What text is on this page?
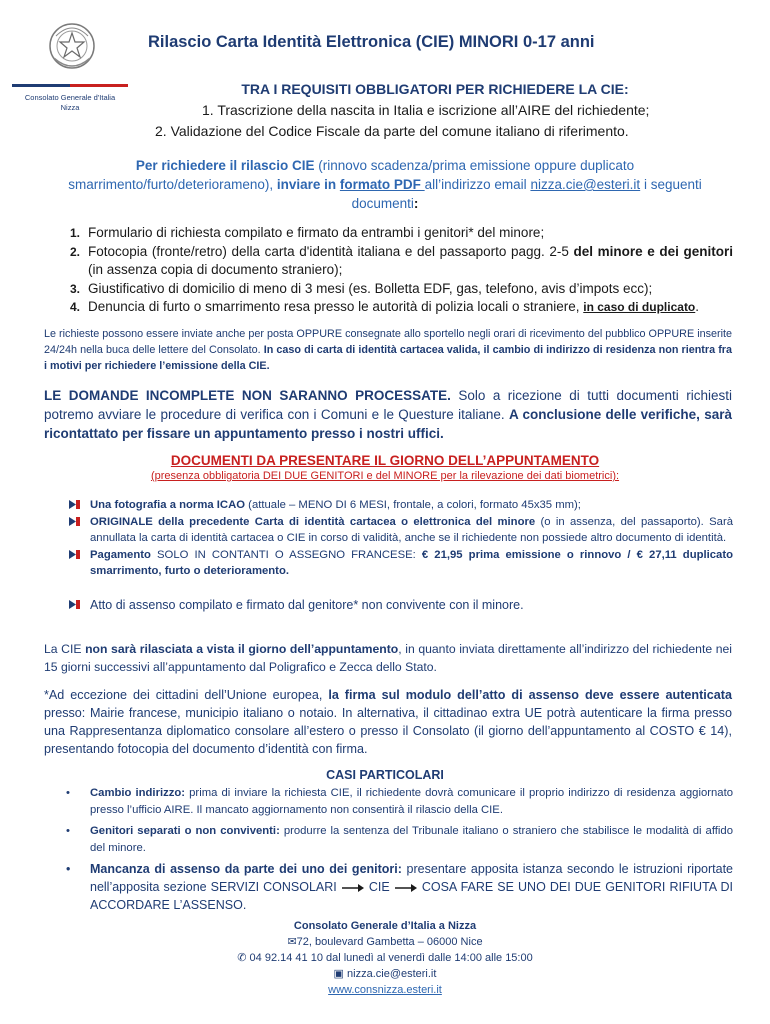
Consolato Generale d'Italia
Nizza
Rilascio Carta Identità Elettronica (CIE) MINORI 0-17 anni
TRA I REQUISITI OBBLIGATORI PER RICHIEDERE LA CIE:
1. Trascrizione della nascita in Italia e iscrizione all’AIRE del richiedente;
2. Validazione del Codice Fiscale da parte del comune italiano di riferimento.
Per richiedere il rilascio CIE (rinnovo scadenza/prima emissione oppure duplicato smarrimento/furto/deteriorameno), inviare in formato PDF all’indirizzo email nizza.cie@esteri.it i seguenti documenti:
1. Formulario di richiesta compilato e firmato da entrambi i genitori* del minore;
2. Fotocopia (fronte/retro) della carta d'identità italiana e del passaporto pagg. 2-5 del minore e dei genitori (in assenza copia di documento straniero);
3. Giustificativo di domicilio di meno di 3 mesi (es. Bolletta EDF, gas, telefono, avis d’impots ecc);
4. Denuncia di furto o smarrimento resa presso le autorità di polizia locali o straniere, in caso di duplicato.
Le richieste possono essere inviate anche per posta OPPURE consegnate allo sportello negli orari di ricevimento del pubblico OPPURE inserite 24/24h nella buca delle lettere del Consolato. In caso di carta di identità cartacea valida, il cambio di indirizzo di residenza non rientra fra i motivi per richiedere l’emissione della CIE.
LE DOMANDE INCOMPLETE NON SARANNO PROCESSATE. Solo a ricezione di tutti documenti richiesti potremo avviare le procedure di verifica con i Comuni e le Questure italiane. A conclusione delle verifiche, sarà ricontattato per fissare un appuntamento presso i nostri uffici.
DOCUMENTI DA PRESENTARE IL GIORNO DELL’APPUNTAMENTO
(presenza obbligatoria DEI DUE GENITORI e del MINORE per la rilevazione dei dati biometrici):
Una fotografia a norma ICAO (attuale – MENO DI 6 MESI, frontale, a colori, formato 45x35 mm);
ORIGINALE della precedente Carta di identità cartacea o elettronica del minore (o in assenza, del passaporto). Sarà annullata la carta di identità cartacea o CIE in corso di validità, anche se il richiedente non possiede altro documento di identità.
Pagamento SOLO IN CONTANTI O ASSEGNO FRANCESE: € 21,95 prima emissione o rinnovo / € 27,11 duplicato smarrimento, furto o deterioramento.
Atto di assenso compilato e firmato dal genitore* non convivente con il minore.
La CIE non sarà rilasciata a vista il giorno dell’appuntamento, in quanto inviata direttamente all’indirizzo del richiedente nei 15 giorni successivi all’appuntamento dal Poligrafico e Zecca dello Stato.
*Ad eccezione dei cittadini dell’Unione europea, la firma sul modulo dell’atto di assenso deve essere autenticata presso: Mairie francese, municipio italiano o notaio. In alternativa, il cittadinao extra UE potrà autenticare la firma presso una Rappresentanza diplomatico consolare all’estero o presso il Consolato (il giorno dell’appuntamento al COSTO € 14), presentando fotocopia del documento d’identità con firma.
CASI PARTICOLARI
• Cambio indirizzo: prima di inviare la richiesta CIE, il richiedente dovrà comunicare il proprio indirizzo di residenza aggiornato presso l’ufficio AIRE. Il mancato aggiornamento non consentirà il rilascio della CIE.
• Genitori separati o non conviventi: produrre la sentenza del Tribunale italiano o straniero che stabilisce le modalità di affido del minore.
• Mancanza di assenso da parte dei uno dei genitori: presentare apposita istanza secondo le istruzioni riportate nell’apposita sezione SERVIZI CONSOLARI  CIE  COSA FARE SE UNO DEI DUE GENITORI RIFIUTA DI ACCORDARE L’ASSENSO.
Consolato Generale d’Italia a Nizza
✉72, boulevard Gambetta – 06000 Nice
✆ 04 92.14 41 10 dal lunedì al venerdì dalle 14:00 alle 15:00
▣ nizza.cie@esteri.it
www.consnizza.esteri.it
